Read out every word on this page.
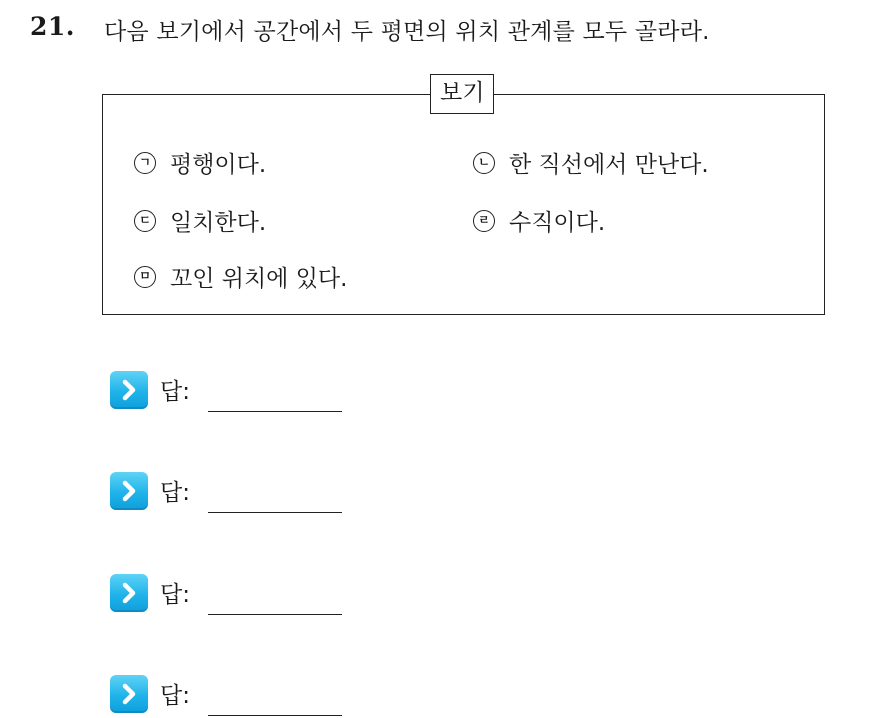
21. 다음 보기에서 공간에서 두 평면의 위치 관계를 모두 골라라.
보기
ㄱ 평행이다.	ㄴ 한 직선에서 만난다.
ㄷ 일치한다.	ㄹ 수직이다.
ㅁ 꼬인 위치에 있다.
답:
답:
답:
답:
